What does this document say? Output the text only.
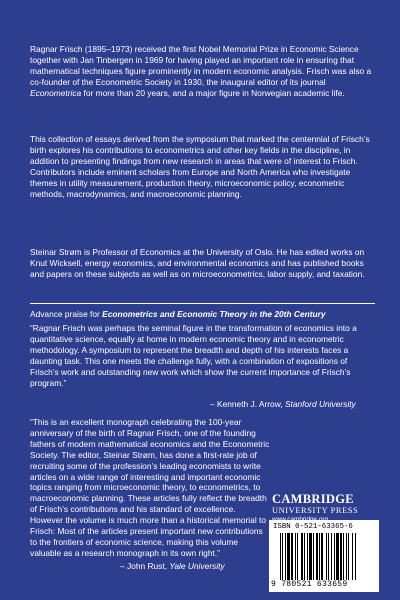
Ragnar Frisch (1895–1973) received the first Nobel Memorial Prize in Economic Science together with Jan Tinbergen in 1969 for having played an important role in ensuring that mathematical techniques figure prominently in modern economic analysis. Frisch was also a co-founder of the Econometric Society in 1930, the inaugural editor of its journal Econometrica for more than 20 years, and a major figure in Norwegian academic life.

This collection of essays derived from the symposium that marked the centennial of Frisch’s birth explores his contributions to econometrics and other key fields in the discipline, in addition to presenting findings from new research in areas that were of interest to Frisch. Contributors include eminent scholars from Europe and North America who investigate themes in utility measurement, production theory, microeconomic policy, econometric methods, macrodynamics, and macroeconomic planning.

Steinar Strøm is Professor of Economics at the University of Oslo. He has edited works on Knut Wicksell, energy economics, and environmental economics and has published books and papers on these subjects as well as on microeconometrics, labor supply, and taxation.

Advance praise for Econometrics and Economic Theory in the 20th Century

“Ragnar Frisch was perhaps the seminal figure in the transformation of economics into a quantitative science, equally at home in modern economic theory and in econometric methodology. A symposium to represent the breadth and depth of his interests faces a daunting task. This one meets the challenge fully, with a combination of expositions of Frisch’s work and outstanding new work which show the current importance of Frisch’s program.”

– Kenneth J. Arrow, Stanford University

“This is an excellent monograph celebrating the 100-year anniversary of the birth of Ragnar Frisch, one of the founding fathers of modern mathematical economics and the Econometric Society. The editor, Steinar Strøm, has done a first-rate job of recruiting some of the profession’s leading economists to write articles on a wide range of interesting and important economic topics ranging from microeconomic theory, to econometrics, to macroeconomic planning. These articles fully reflect the breadth of Frisch’s contributions and his standard of excellence. However the volume is much more than a historical memorial to Frisch: Most of the articles present important new contributions to the frontiers of economic science, making this volume valuable as a research monograph in its own right.”

– John Rust, Yale University
CAMBRIDGE
UNIVERSITY PRESS
ISBN 0-521-63365-6
9 780521 633659
